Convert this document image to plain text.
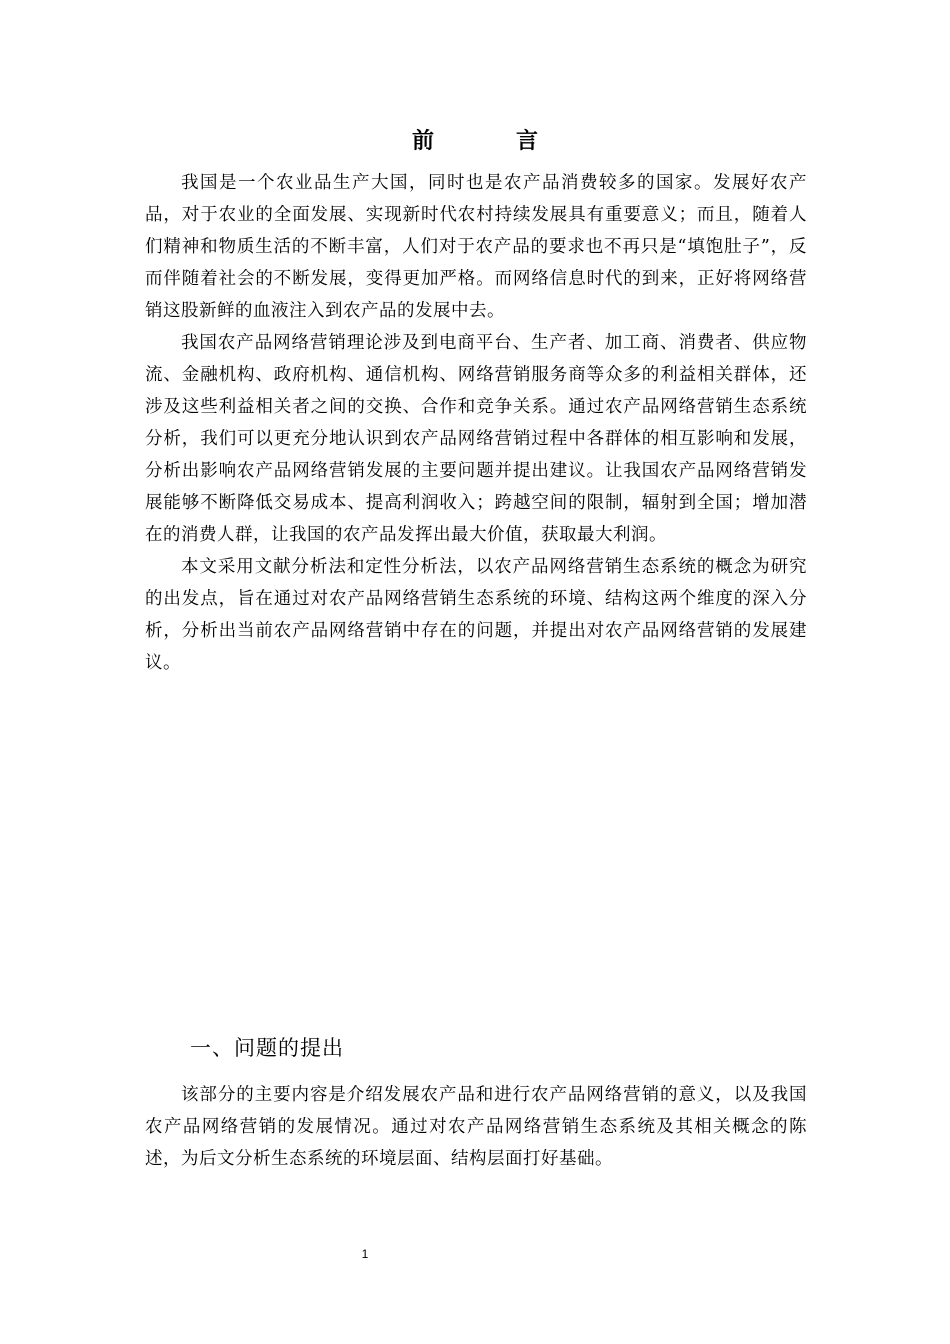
前　言

我国是一个农业品生产大国，同时也是农产品消费较多的国家。发展好农产品，对于农业的全面发展、实现新时代农村持续发展具有重要意义；而且，随着人们精神和物质生活的不断丰富，人们对于农产品的要求也不再只是“填饱肚子”，反而伴随着社会的不断发展，变得更加严格。而网络信息时代的到来，正好将网络营销这股新鲜的血液注入到农产品的发展中去。

我国农产品网络营销理论涉及到电商平台、生产者、加工商、消费者、供应物流、金融机构、政府机构、通信机构、网络营销服务商等众多的利益相关群体，还涉及这些利益相关者之间的交换、合作和竞争关系。通过农产品网络营销生态系统分析，我们可以更充分地认识到农产品网络营销过程中各群体的相互影响和发展，分析出影响农产品网络营销发展的主要问题并提出建议。让我国农产品网络营销发展能够不断降低交易成本、提高利润收入；跨越空间的限制，辐射到全国；增加潜在的消费人群，让我国的农产品发挥出最大价值，获取最大利润。

本文采用文献分析法和定性分析法，以农产品网络营销生态系统的概念为研究的出发点，旨在通过对农产品网络营销生态系统的环境、结构这两个维度的深入分析，分析出当前农产品网络营销中存在的问题，并提出对农产品网络营销的发展建议。

一、问题的提出

该部分的主要内容是介绍发展农产品和进行农产品网络营销的意义，以及我国农产品网络营销的发展情况。通过对农产品网络营销生态系统及其相关概念的陈述，为后文分析生态系统的环境层面、结构层面打好基础。

1
